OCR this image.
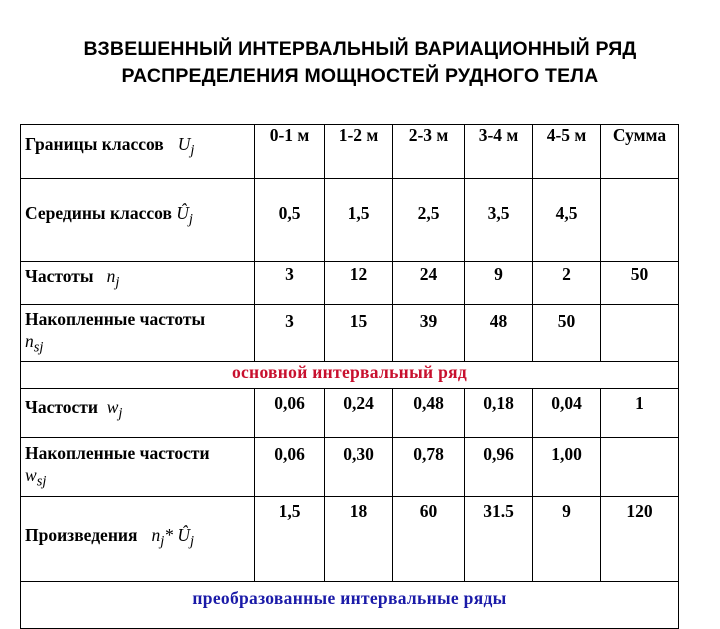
ВЗВЕШЕННЫЙ ИНТЕРВАЛЬНЫЙ ВАРИАЦИОННЫЙ РЯД
РАСПРЕДЕЛЕНИЯ МОЩНОСТЕЙ РУДНОГО ТЕЛА
Границы классов $U_j$	0-1 м	1-2 м	2-3 м	3-4 м	4-5 м	Сумма
Середины классов $Û_j$	0,5	1,5	2,5	3,5	4,5	
Частоты $n_j$	3	12	24	9	2	50

Накопленные частоты
$n_{sj}$	3	15	39	48	50	
основной интервальный ряд						
Частости $w_j$	0,06	0,24	0,48	0,18	0,04	1

Накопленные частости
$w_{sj}$	0,06	0,30	0,78	0,96	1,00	
Произведения $n_j*$ $Û_j$	1,5	18	60	31.5	9	120
преобразованные интервальные ряды						
